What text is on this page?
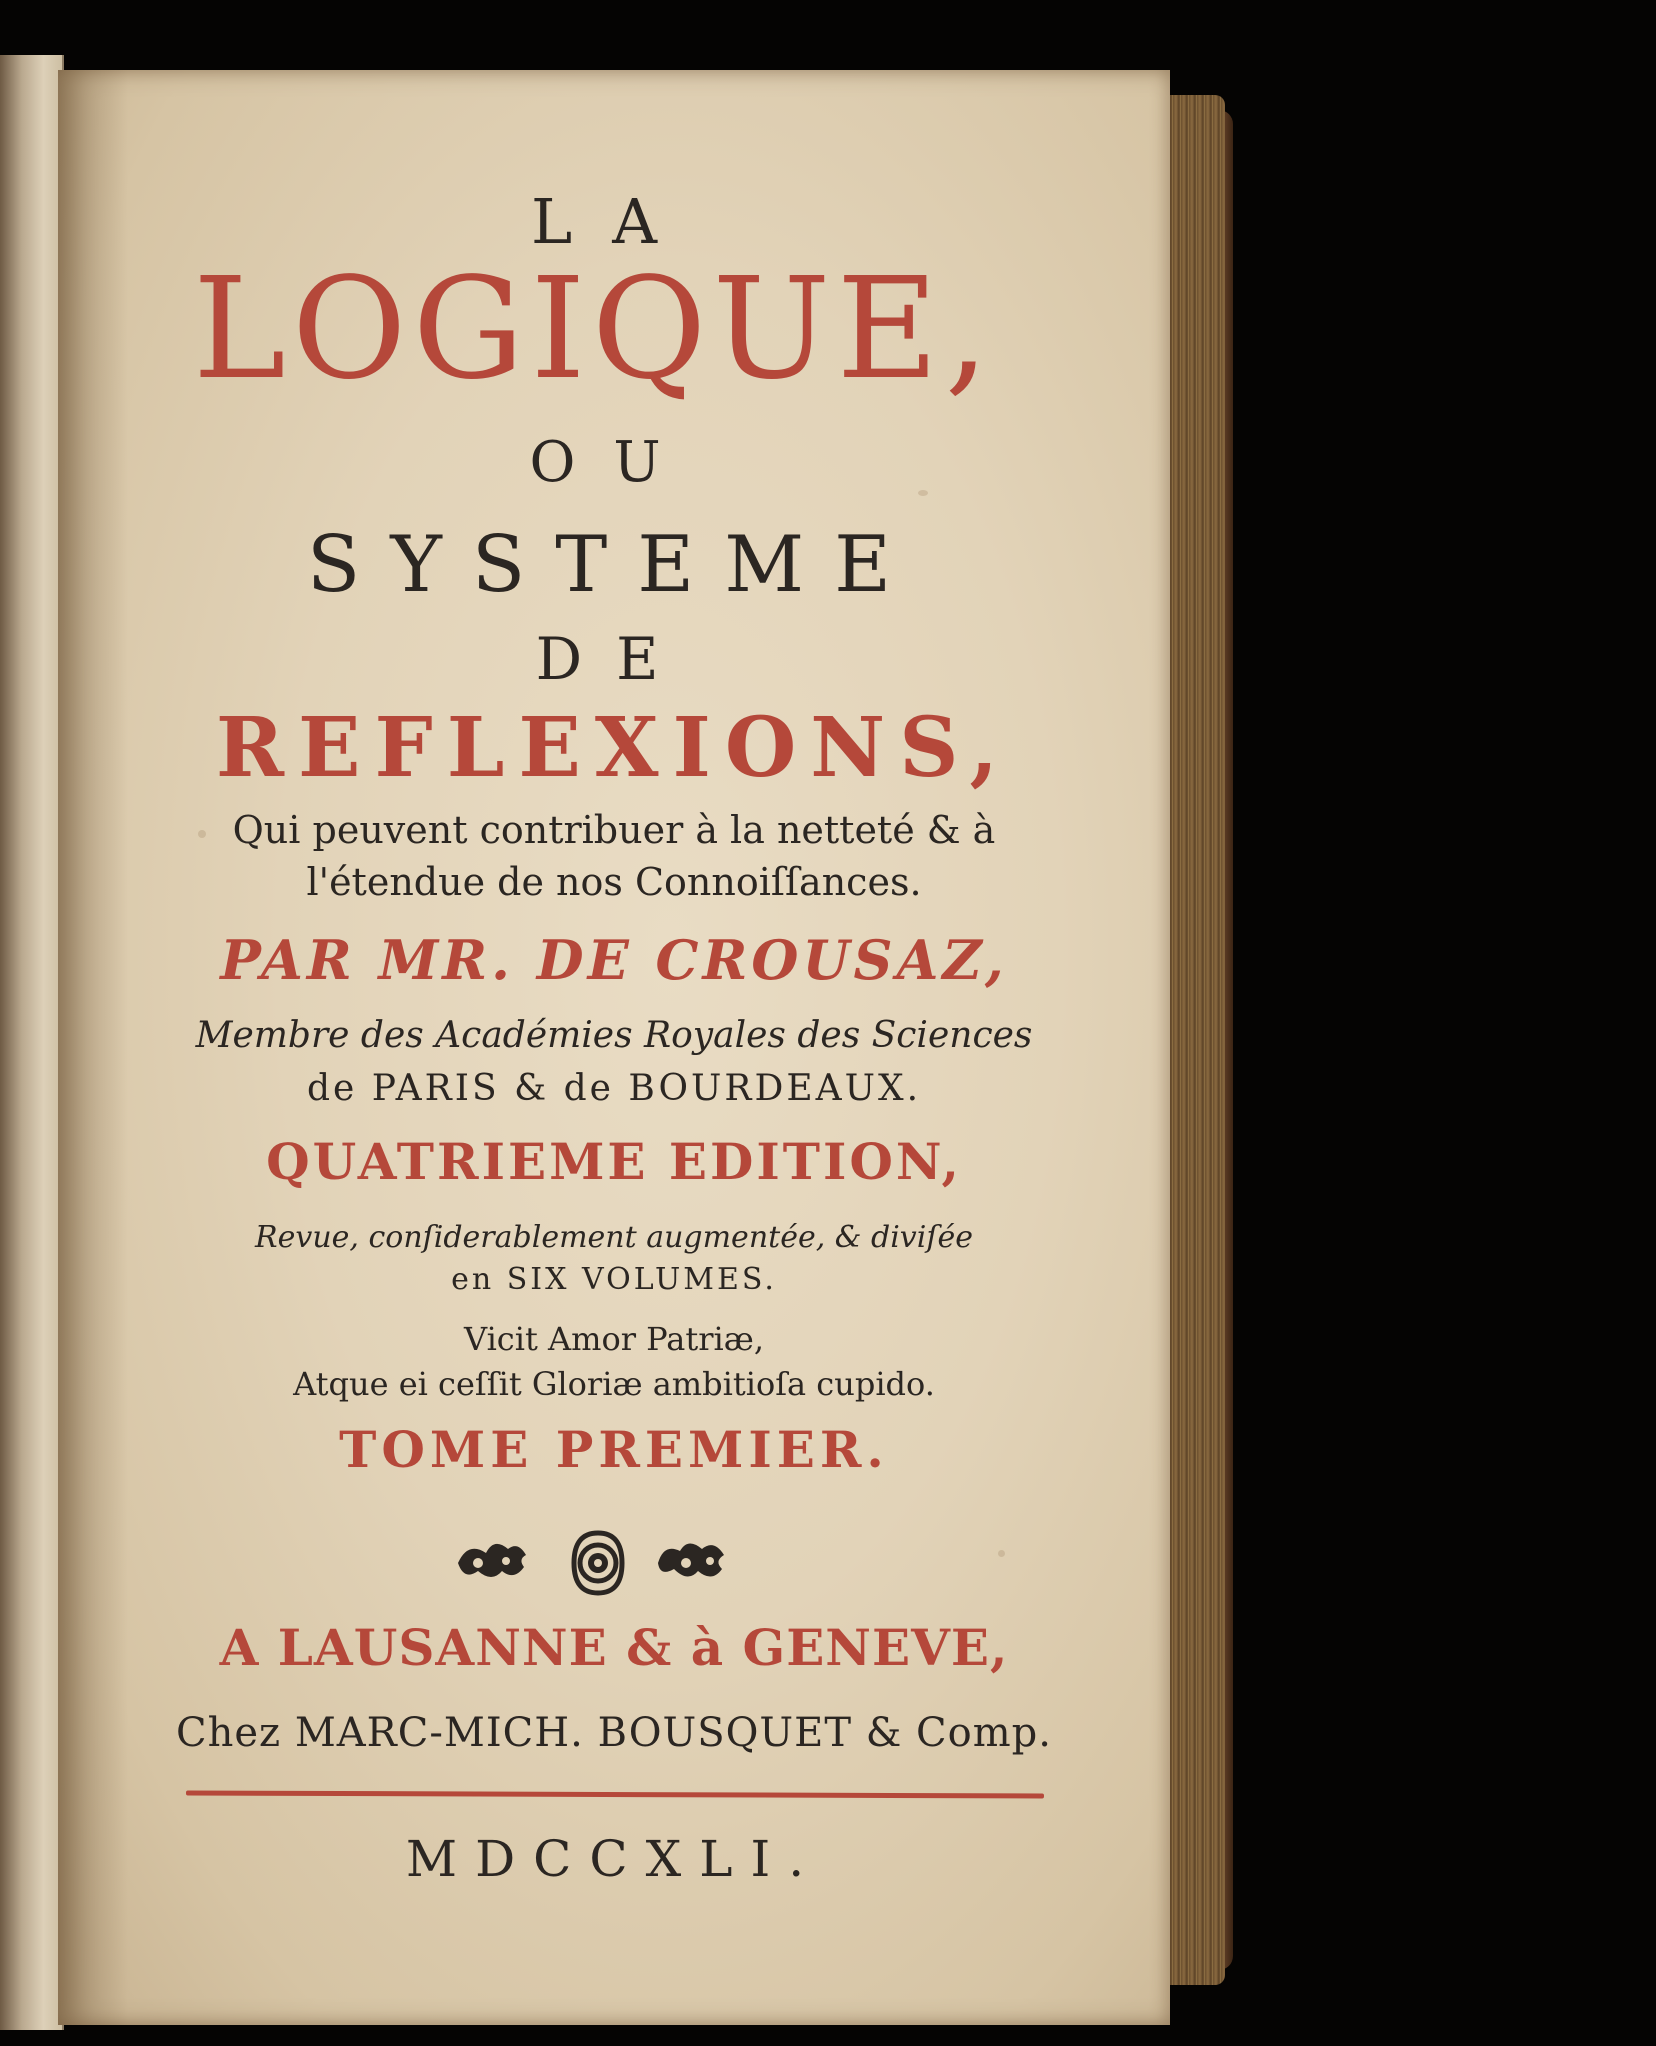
LA
LOGIQUE,
OU
SYSTEME
DE
REFLEXIONS,
Qui peuvent contribuer à la netteté & à
l'étendue de nos Connoiſſances.
PAR MR. DE CROUSAZ,
Membre des Académies Royales des Sciences
de PARIS & de BOURDEAUX.
QUATRIEME EDITION,
Revue, conſiderablement augmentée, & diviſée
en SIX VOLUMES.
Vicit Amor Patriæ,
Atque ei ceſſit Gloriæ ambitioſa cupido.
TOME PREMIER.
A LAUSANNE & à GENEVE,
Chez MARC-MICH. BOUSQUET & Comp.
MDCCXLI.
